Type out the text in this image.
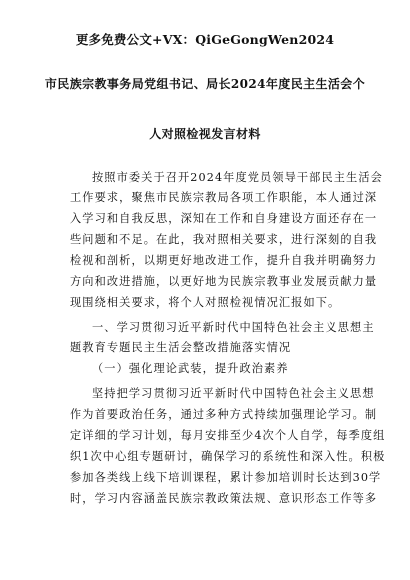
更多免费公文+VX：QiGeGongWen2024
市民族宗教事务局党组书记、局长2024年度民主生活会个
人对照检视发言材料
按照市委关于召开2024年度党员领导干部民主生活会
工作要求，聚焦市民族宗教局各项工作职能，本人通过深
入学习和自我反思，深知在工作和自身建设方面还存在一
些问题和不足。在此，我对照相关要求，进行深刻的自我
检视和剖析，以期更好地改进工作，提升自我并明确努力
方向和改进措施，以更好地为民族宗教事业发展贡献力量
现围绕相关要求，将个人对照检视情况汇报如下。
一、学习贯彻习近平新时代中国特色社会主义思想主
题教育专题民主生活会整改措施落实情况
（一）强化理论武装，提升政治素养
坚持把学习贯彻习近平新时代中国特色社会主义思想
作为首要政治任务，通过多种方式持续加强理论学习。制
定详细的学习计划，每月安排至少4次个人自学，每季度组
织1次中心组专题研讨，确保学习的系统性和深入性。积极
参加各类线上线下培训课程，累计参加培训时长达到30学
时，学习内容涵盖民族宗教政策法规、意识形态工作等多
